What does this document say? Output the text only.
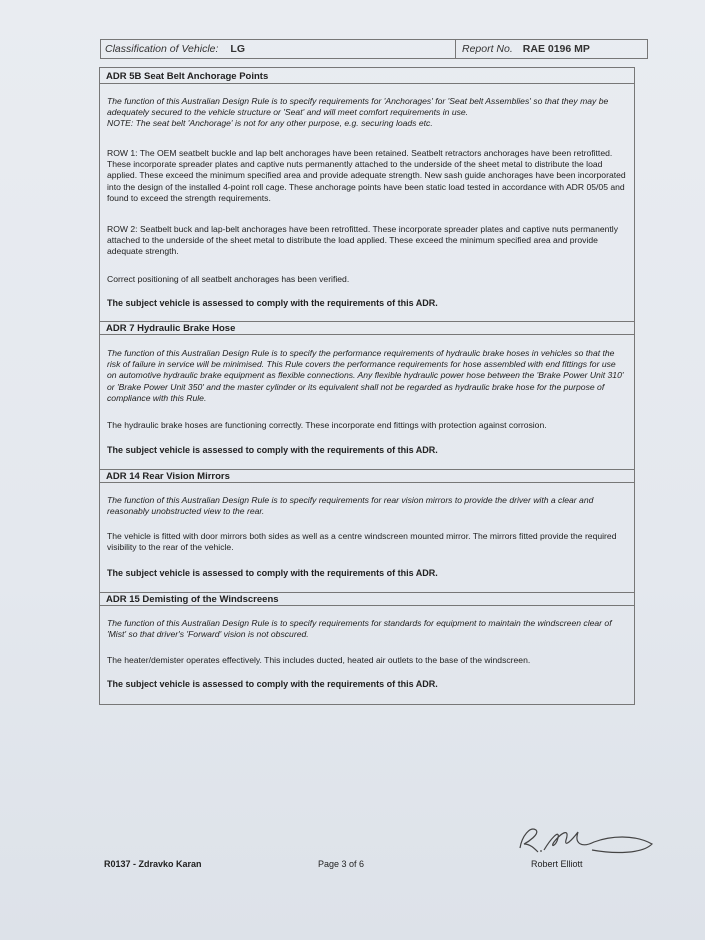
Classification of Vehicle: LG	Report No. RAE 0196 MP
ADR 5B Seat Belt Anchorage Points
The function of this Australian Design Rule is to specify requirements for 'Anchorages' for 'Seat belt Assemblies' so that they may be adequately secured to the vehicle structure or 'Seat' and will meet comfort requirements in use.
NOTE: The seat belt 'Anchorage' is not for any other purpose, e.g. securing loads etc.
ROW 1: The OEM seatbelt buckle and lap belt anchorages have been retained. Seatbelt retractors anchorages have been retrofitted. These incorporate spreader plates and captive nuts permanently attached to the underside of the sheet metal to distribute the load applied. These exceed the minimum specified area and provide adequate strength. New sash guide anchorages have been incorporated into the design of the installed 4-point roll cage. These anchorage points have been static load tested in accordance with ADR 05/05 and found to exceed the strength requirements.
ROW 2: Seatbelt buck and lap-belt anchorages have been retrofitted. These incorporate spreader plates and captive nuts permanently attached to the underside of the sheet metal to distribute the load applied. These exceed the minimum specified area and provide adequate strength.
Correct positioning of all seatbelt anchorages has been verified.
The subject vehicle is assessed to comply with the requirements of this ADR.
ADR 7 Hydraulic Brake Hose
The function of this Australian Design Rule is to specify the performance requirements of hydraulic brake hoses in vehicles so that the risk of failure in service will be minimised. This Rule covers the performance requirements for hose assembled with end fittings for use on automotive hydraulic brake equipment as flexible connections. Any flexible hydraulic power hose between the 'Brake Power Unit 310' or 'Brake Power Unit 350' and the master cylinder or its equivalent shall not be regarded as hydraulic brake hose for the purpose of compliance with this Rule.
The hydraulic brake hoses are functioning correctly. These incorporate end fittings with protection against corrosion.
The subject vehicle is assessed to comply with the requirements of this ADR.
ADR 14 Rear Vision Mirrors
The function of this Australian Design Rule is to specify requirements for rear vision mirrors to provide the driver with a clear and reasonably unobstructed view to the rear.
The vehicle is fitted with door mirrors both sides as well as a centre windscreen mounted mirror. The mirrors fitted provide the required visibility to the rear of the vehicle.
The subject vehicle is assessed to comply with the requirements of this ADR.
ADR 15 Demisting of the Windscreens
The function of this Australian Design Rule is to specify requirements for standards for equipment to maintain the windscreen clear of 'Mist' so that driver's 'Forward' vision is not obscured.
The heater/demister operates effectively. This includes ducted, heated air outlets to the base of the windscreen.
The subject vehicle is assessed to comply with the requirements of this ADR.
R0137 - Zdravko Karan	Page 3 of 6	Robert Elliott
